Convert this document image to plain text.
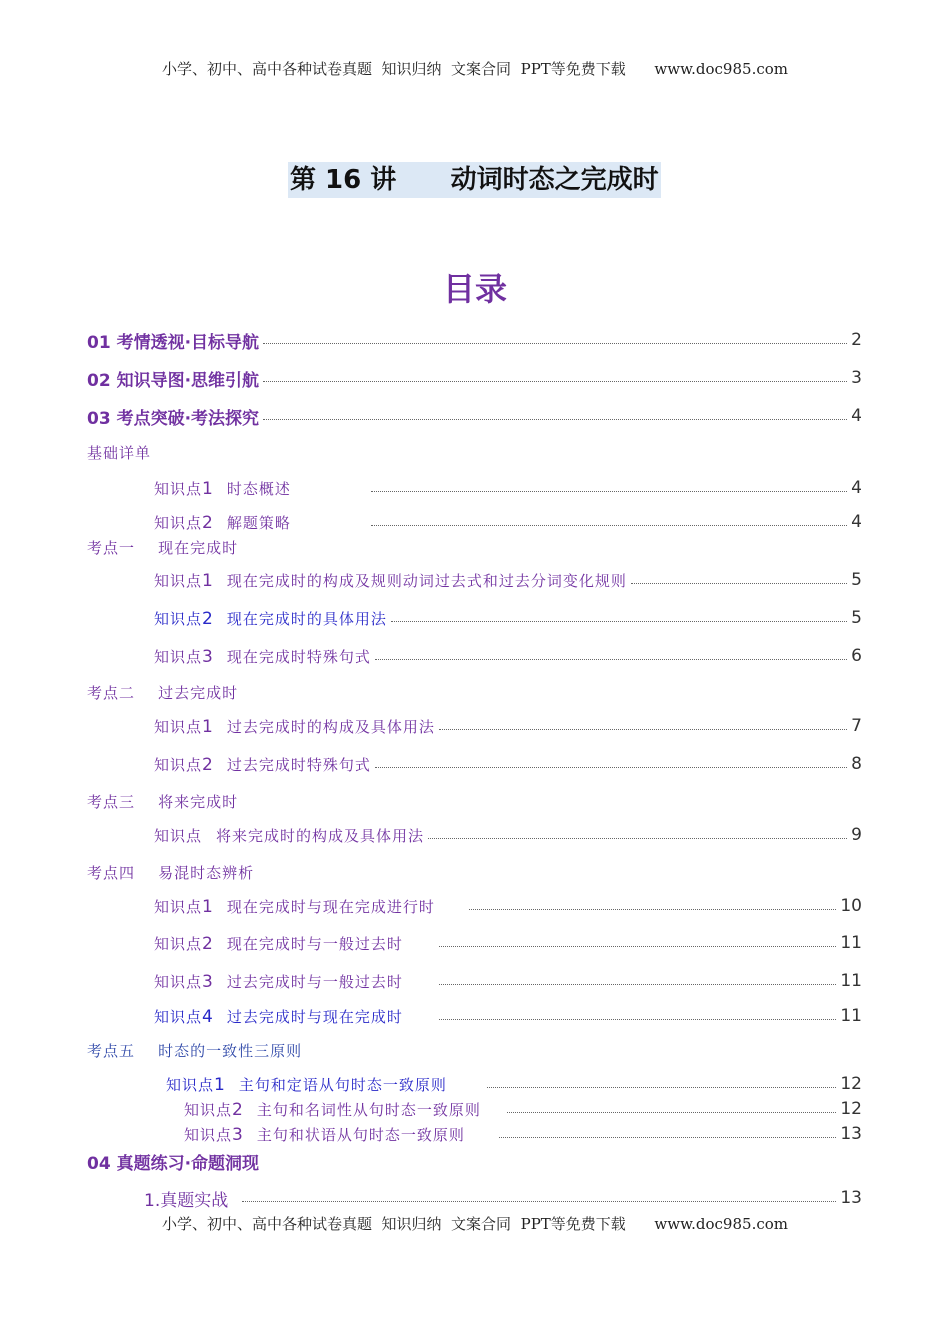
小学、初中、高中各种试卷真题  知识归纳  文案合同  PPT等免费下载      www.doc985.com
小学、初中、高中各种试卷真题  知识归纳  文案合同  PPT等免费下载      www.doc985.com
第 16 讲      动词时态之完成时
目录
01 考情透视·目标导航	2
02 知识导图·思维引航	3
03 考点突破·考法探究	4
基础详单
知识点1 时态概述	4
知识点2 解题策略	4
考点一    现在完成时
知识点1 现在完成时的构成及规则动词过去式和过去分词变化规则	5
知识点2 现在完成时的具体用法	5
知识点3 现在完成时特殊句式	6
考点二    过去完成时
知识点1 过去完成时的构成及具体用法	7
知识点2 过去完成时特殊句式	8
考点三    将来完成时
知识点 将来完成时的构成及具体用法	9
考点四    易混时态辨析
知识点1 现在完成时与现在完成进行时	10
知识点2 现在完成时与一般过去时	11
知识点3 过去完成时与一般过去时	11
知识点4 过去完成时与现在完成时	11
考点五    时态的一致性三原则
知识点1 主句和定语从句时态一致原则	12
知识点2 主句和名词性从句时态一致原则	12
知识点3 主句和状语从句时态一致原则	13
04 真题练习·命题洞现
1.真题实战	13
